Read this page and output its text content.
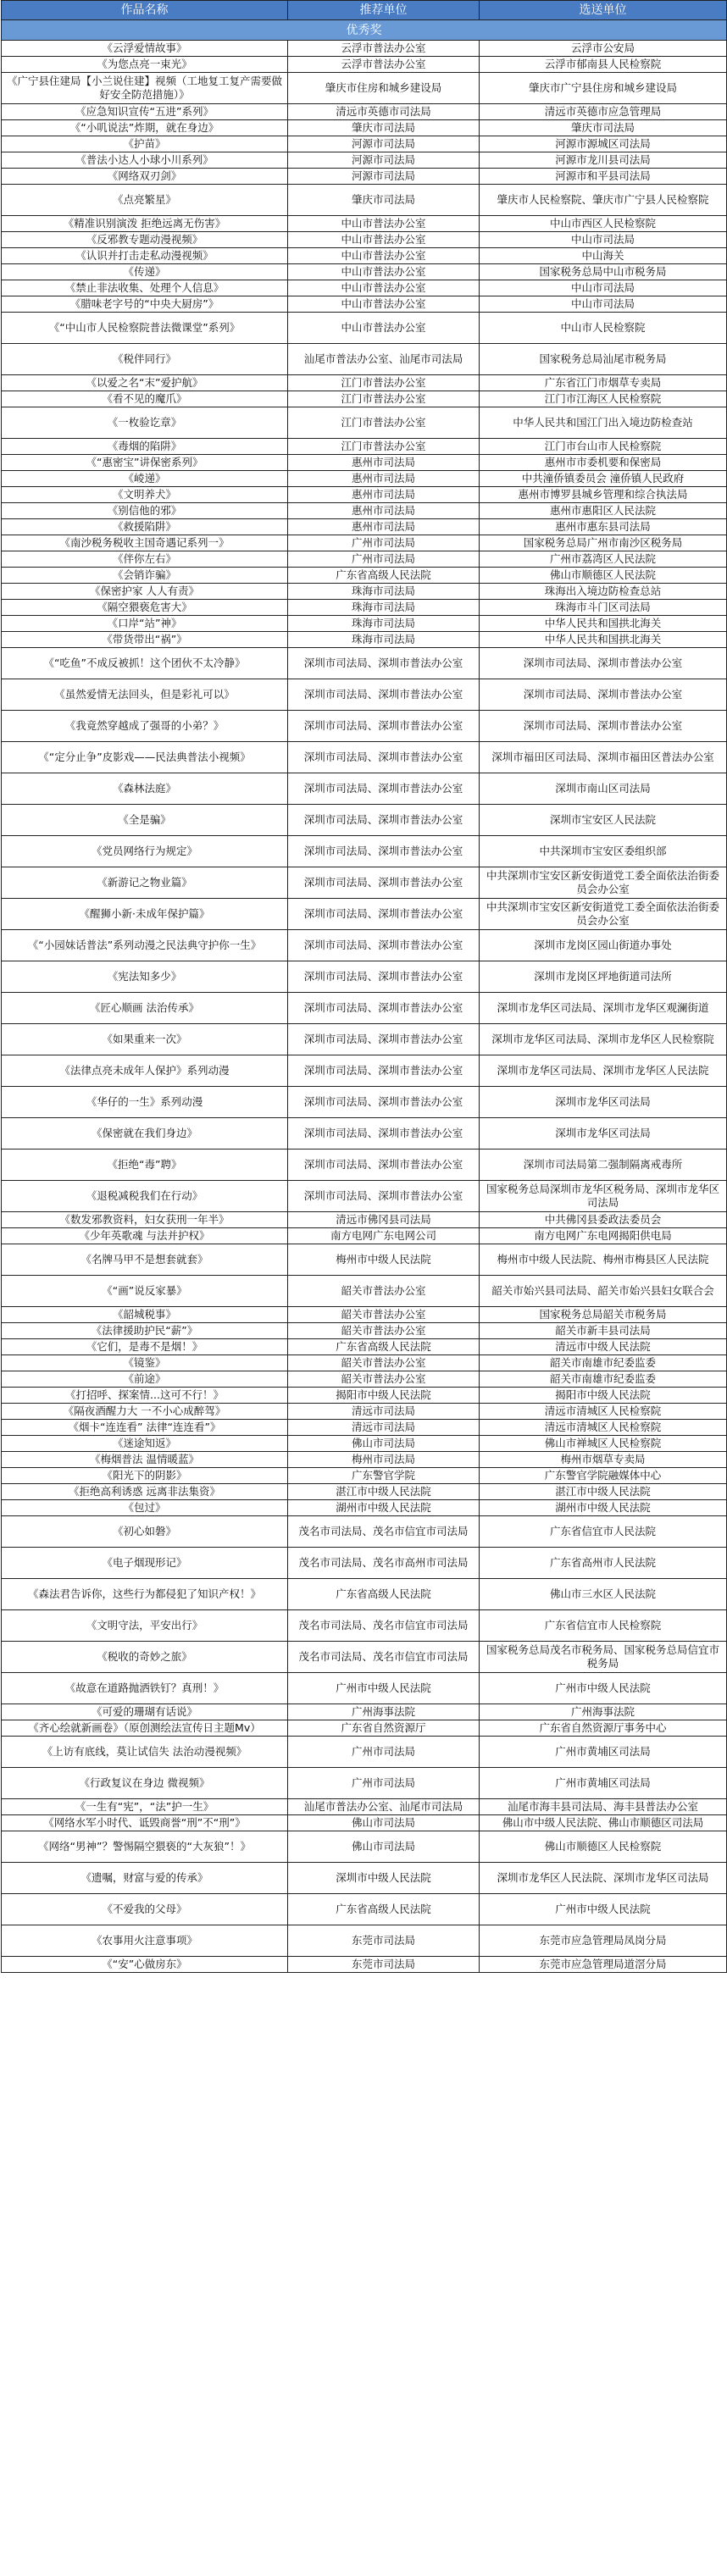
作品名称	推荐单位	选送单位
优秀奖		
《云浮爱情故事》	云浮市普法办公室	云浮市公安局
《为您点亮一束光》	云浮市普法办公室	云浮市郁南县人民检察院
《广宁县住建局【小兰说住建】视频（工地复工复产需要做好安全防范措施）》	肇庆市住房和城乡建设局	肇庆市广宁县住房和城乡建设局
《应急知识宣传“五进”系列》	清远市英德市司法局	清远市英德市应急管理局
《“小叽说法”炸期，就在身边》	肇庆市司法局	肇庆市司法局
《护苗》	河源市司法局	河源市源城区司法局
《普法小达人小球小川系列》	河源市司法局	河源市龙川县司法局
《网络双刃剑》	河源市司法局	河源市和平县司法局
《点亮繁星》	肇庆市司法局	肇庆市人民检察院、肇庆市广宁县人民检察院
《精准识别演泼 拒绝远离无伤害》	中山市普法办公室	中山市西区人民检察院
《反邪教专题动漫视频》	中山市普法办公室	中山市司法局
《认识并打击走私动漫视频》	中山市普法办公室	中山海关
《传递》	中山市普法办公室	国家税务总局中山市税务局
《禁止非法收集、处理个人信息》	中山市普法办公室	中山市司法局
《腊味老字号的“中央大厨房”》	中山市普法办公室	中山市司法局
《“中山市人民检察院普法微课堂”系列》	中山市普法办公室	中山市人民检察院
《税伴同行》	汕尾市普法办公室、汕尾市司法局	国家税务总局汕尾市税务局
《以爱之名“末”爱护航》	江门市普法办公室	广东省江门市烟草专卖局
《看不见的魔爪》	江门市普法办公室	江门市江海区人民检察院
《一枚验讫章》	江门市普法办公室	中华人民共和国江门出入境边防检查站
《毒烟的陷阱》	江门市普法办公室	江门市台山市人民检察院
《“惠密宝”讲保密系列》	惠州市司法局	惠州市市委机要和保密局
《崚递》	惠州市司法局	中共潼侨镇委员会 潼侨镇人民政府
《文明养犬》	惠州市司法局	惠州市博罗县城乡管理和综合执法局
《别信他的邪》	惠州市司法局	惠州市惠阳区人民法院
《救援陷阱》	惠州市司法局	惠州市惠东县司法局
《南沙税务税收主国奇遇记系列一》	广州市司法局	国家税务总局广州市南沙区税务局
《伴你左右》	广州市司法局	广州市荔湾区人民法院
《会销诈骗》	广东省高级人民法院	佛山市顺德区人民法院
《保密护家 人人有责》	珠海市司法局	珠海出入境边防检查总站
《隔空猥亵危害大》	珠海市司法局	珠海市斗门区司法局
《口岸“站”神》	珠海市司法局	中华人民共和国拱北海关
《带货带出“祸”》	珠海市司法局	中华人民共和国拱北海关
《“吃鱼”不成反被抓！这个团伙不太冷静》	深圳市司法局、深圳市普法办公室	深圳市司法局、深圳市普法办公室
《虽然爱情无法回头，但是彩礼可以》	深圳市司法局、深圳市普法办公室	深圳市司法局、深圳市普法办公室
《我竟然穿越成了强哥的小弟？》	深圳市司法局、深圳市普法办公室	深圳市司法局、深圳市普法办公室
《“定分止争”皮影戏——民法典普法小视频》	深圳市司法局、深圳市普法办公室	深圳市福田区司法局、深圳市福田区普法办公室
《森林法庭》	深圳市司法局、深圳市普法办公室	深圳市南山区司法局
《全是骗》	深圳市司法局、深圳市普法办公室	深圳市宝安区人民法院
《党员网络行为规定》	深圳市司法局、深圳市普法办公室	中共深圳市宝安区委组织部
《新游记之物业篇》	深圳市司法局、深圳市普法办公室	中共深圳市宝安区新安街道党工委全面依法治街委员会办公室
《醒狮小新·未成年保护篇》	深圳市司法局、深圳市普法办公室	中共深圳市宝安区新安街道党工委全面依法治街委员会办公室
《“小园妹话普法”系列动漫之民法典守护你一生》	深圳市司法局、深圳市普法办公室	深圳市龙岗区园山街道办事处
《宪法知多少》	深圳市司法局、深圳市普法办公室	深圳市龙岗区坪地街道司法所
《匠心顺画 法治传承》	深圳市司法局、深圳市普法办公室	深圳市龙华区司法局、深圳市龙华区观澜街道
《如果重来一次》	深圳市司法局、深圳市普法办公室	深圳市龙华区司法局、深圳市龙华区人民检察院
《法律点亮未成年人保护》系列动漫	深圳市司法局、深圳市普法办公室	深圳市龙华区司法局、深圳市龙华区人民法院
《华仔的一生》系列动漫	深圳市司法局、深圳市普法办公室	深圳市龙华区司法局
《保密就在我们身边》	深圳市司法局、深圳市普法办公室	深圳市龙华区司法局
《拒绝“毒”聘》	深圳市司法局、深圳市普法办公室	深圳市司法局第二强制隔离戒毒所
《退税减税我们在行动》	深圳市司法局、深圳市普法办公室	国家税务总局深圳市龙华区税务局、深圳市龙华区司法局
《数发邪教资料，妇女获刑一年半》	清远市佛冈县司法局	中共佛冈县委政法委员会
《少年英歌魂 与法并护权》	南方电网广东电网公司	南方电网广东电网揭阳供电局
《名牌马甲不是想套就套》	梅州市中级人民法院	梅州市中级人民法院、梅州市梅县区人民法院
《“画”说反家暴》	韶关市普法办公室	韶关市始兴县司法局、韶关市始兴县妇女联合会
《韶城税事》	韶关市普法办公室	国家税务总局韶关市税务局
《法律援助护民“薪”》	韶关市普法办公室	韶关市新丰县司法局
《它们，是毒不是烟！》	广东省高级人民法院	清远市中级人民法院
《镜鉴》	韶关市普法办公室	韶关市南雄市纪委监委
《前途》	韶关市普法办公室	韶关市南雄市纪委监委
《打招呼、探案情...这可不行！》	揭阳市中级人民法院	揭阳市中级人民法院
《隔夜酒醒力大 一不小心成醉驾》	清远市司法局	清远市清城区人民检察院
《烟卡“连连看” 法律“连连看”》	清远市司法局	清远市清城区人民检察院
《迷途知返》	佛山市司法局	佛山市禅城区人民检察院
《梅烟普法 温情暖蓝》	梅州市司法局	梅州市烟草专卖局
《阳光下的阴影》	广东警官学院	广东警官学院融媒体中心
《拒绝高利诱惑 远离非法集资》	湛江市中级人民法院	湛江市中级人民法院
《包过》	湖州市中级人民法院	湖州市中级人民法院
《初心如磐》	茂名市司法局、茂名市信宜市司法局	广东省信宜市人民法院
《电子烟现形记》	茂名市司法局、茂名市高州市司法局	广东省高州市人民法院
《森法君告诉你，这些行为都侵犯了知识产权！》	广东省高级人民法院	佛山市三水区人民法院
《文明守法，平安出行》	茂名市司法局、茂名市信宜市司法局	广东省信宜市人民检察院
《税收的奇妙之旅》	茂名市司法局、茂名市信宜市司法局	国家税务总局茂名市税务局、国家税务总局信宜市税务局
《故意在道路抛洒铁钉？真刑！》	广州市中级人民法院	广州市中级人民法院
《可爱的珊瑚有话说》	广州海事法院	广州海事法院
《齐心绘就新画卷》（原创测绘法宣传日主题Mv）	广东省自然资源厅	广东省自然资源厅事务中心
《上访有底线，莫让试信失 法治动漫视频》	广州市司法局	广州市黄埔区司法局
《行政复议在身边 微视频》	广州市司法局	广州市黄埔区司法局
《一生有“宪”，“法”护一生》	汕尾市普法办公室、汕尾市司法局	汕尾市海丰县司法局、海丰县普法办公室
《网络水军小时代、诋毁商誉“刑”不“刑”》	佛山市司法局	佛山市中级人民法院、佛山市顺德区司法局
《网络“男神”？警惕隔空猥亵的“大灰狼”！》	佛山市司法局	佛山市顺德区人民检察院
《遗嘱，财富与爱的传承》	深圳市中级人民法院	深圳市龙华区人民法院、深圳市龙华区司法局
《不爱我的父母》	广东省高级人民法院	广州市中级人民法院
《农事用火注意事项》	东莞市司法局	东莞市应急管理局凤岗分局
《“安”心做房东》	东莞市司法局	东莞市应急管理局道滘分局
